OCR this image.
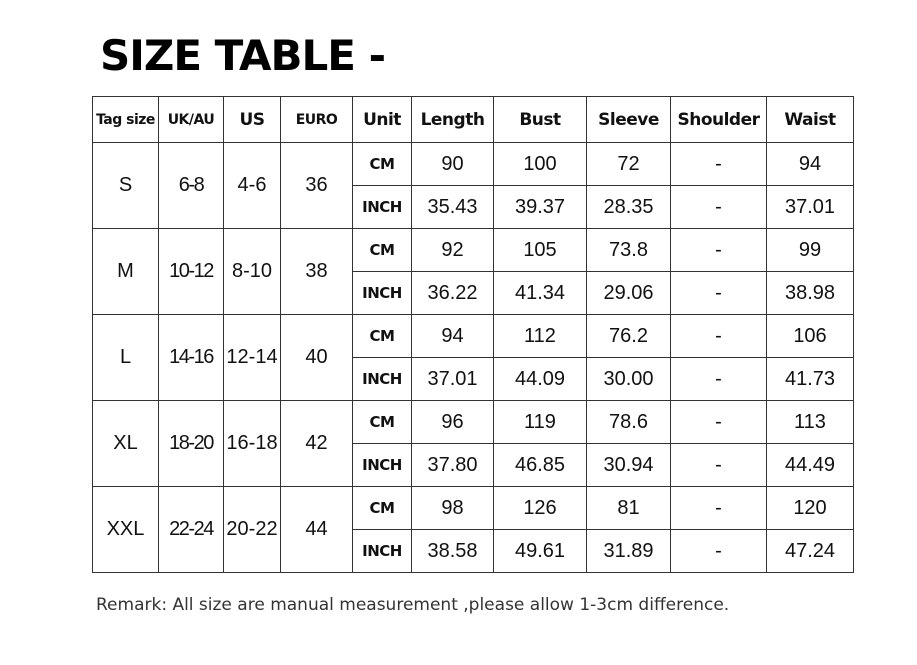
SIZE TABLE -
Tag size	UK/AU	US	EURO	Unit	Length	Bust	Sleeve	Shoulder	Waist
S	6-8	4-6	36	CM	90	100	72	-	94
				INCH	35.43	39.37	28.35	-	37.01
M	10-12	8-10	38	CM	92	105	73.8	-	99
				INCH	36.22	41.34	29.06	-	38.98
L	14-16	12-14	40	CM	94	112	76.2	-	106
				INCH	37.01	44.09	30.00	-	41.73
XL	18-20	16-18	42	CM	96	119	78.6	-	113
				INCH	37.80	46.85	30.94	-	44.49
XXL	22-24	20-22	44	CM	98	126	81	-	120
				INCH	38.58	49.61	31.89	-	47.24

Remark: All size are manual measurement ,please allow 1-3cm difference.
